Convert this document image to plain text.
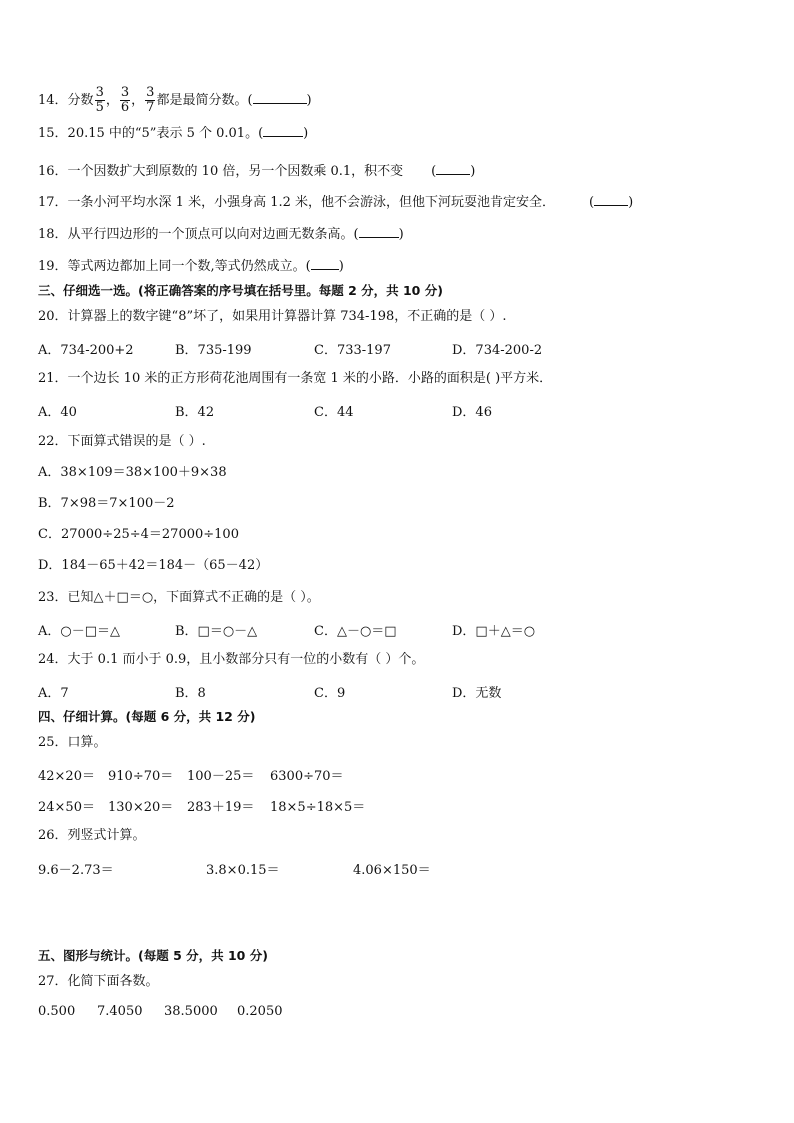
14．分数 $\frac{3}{5}$ ， $\frac{3}{6}$ ， $\frac{3}{7}$ 都是最简分数。(	)
15．20.15 中的“5”表示 5 个 0.01。(	)
16．一个因数扩大到原数的 10 倍，另一个因数乘 0.1，积不变 (	)
17．一条小河平均水深 1 米，小强身高 1.2 米，他不会游泳，但他下河玩耍池肯定安全．	(	)
18．从平行四边形的一个顶点可以向对边画无数条高。(	)
19．等式两边都加上同一个数,等式仍然成立。( )
三、仔细选一选。(将正确答案的序号填在括号里。每题 2 分，共 10 分)
20．计算器上的数字键“8”坏了，如果用计算器计算 734-198，不正确的是（ ）.
A．734-200+2	B．735-199	C．733-197	D．734-200-2
21．一个边长 10 米的正方形荷花池周围有一条宽 1 米的小路．小路的面积是( )平方米．
A．40	B．42	C．44	D．46
22．下面算式错误的是（ ）.
A．38×109＝38×100＋9×38
B．7×98＝7×100－2
C．27000÷25÷4＝27000÷100
D．184－65＋42＝184－（65－42）
23．已知△＋□＝○，下面算式不正确的是（ ）。
A．○－□＝△	B．□＝○－△	C．△－○＝□	D．□＋△＝○
24．大于 0.1 而小于 0.9，且小数部分只有一位的小数有（ ）个。
A．7	B．8	C．9	D．无数
四、仔细计算。(每题 6 分，共 12 分)
25．口算。
42×20＝ 910÷70＝ 100－25＝ 6300÷70＝
24×50＝ 130×20＝ 283＋19＝ 18×5÷18×5＝
26．列竖式计算。
9.6－2.73＝	3.8×0.15＝	4.06×150＝
五、图形与统计。(每题 5 分，共 10 分)
27．化简下面各数。
0.500 7.4050 38.5000 0.2050
